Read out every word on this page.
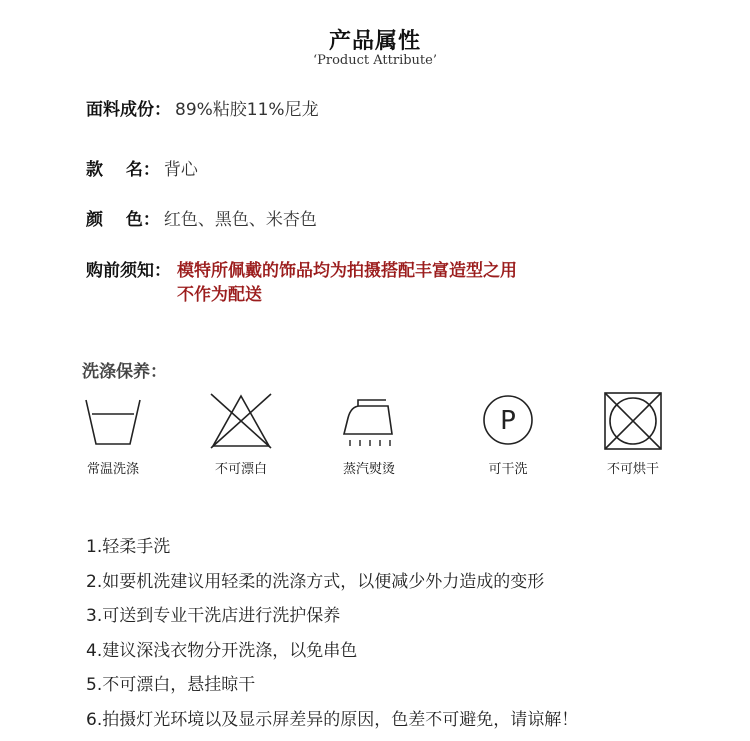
产品属性
‘Product Attribute’
面料成份： 89%粘胶11%尼龙
款　 名： 背心
颜　 色： 红色、黑色、米杏色
购前须知： 模特所佩戴的饰品均为拍摄搭配丰富造型之用
不作为配送
洗涤保养：
常温洗涤	不可漂白	蒸汽熨烫
P
可干洗	不可烘干
1.轻柔手洗
2.如要机洗建议用轻柔的洗涤方式，以便减少外力造成的变形
3.可送到专业干洗店进行洗护保养
4.建议深浅衣物分开洗涤，以免串色
5.不可漂白，悬挂晾干
6.拍摄灯光环境以及显示屏差异的原因，色差不可避免，请谅解！
